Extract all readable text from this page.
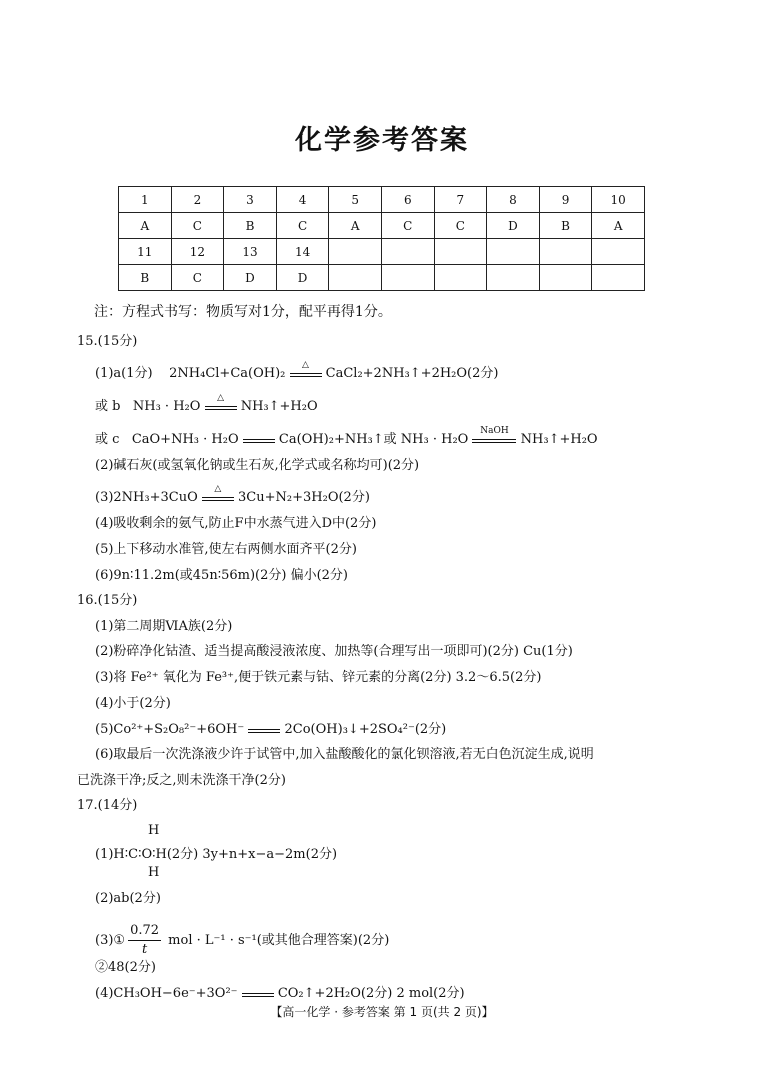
化学参考答案
1	2	3	4	5	6	7	8	9	10
A	C	B	C	A	C	C	D	B	A
11	12	13	14						
B	C	D	D						
注：方程式书写：物质写对1分，配平再得1分。
15.(15分)
(1)a(1分) 2NH₄Cl+Ca(OH)₂
△
CaCl₂+2NH₃ ↑ +2H₂O(2分)
或 b NH₃ · H₂O
△
NH₃ ↑ +H₂O
或 c CaO+NH₃ · H₂O	Ca(OH)₂+NH₃ ↑ 或 NH₃ · H₂O
NaOH
NH₃ ↑ +H₂O
(2)碱石灰(或氢氧化钠或生石灰,化学式或名称均可)(2分)
(3)2NH₃+3CuO
△
3Cu+N₂+3H₂O(2分)
(4)吸收剩余的氨气,防止F中水蒸气进入D中(2分)
(5)上下移动水准管,使左右两侧水面齐平(2分)
(6)9n∶11.2m(或45n∶56m)(2分) 偏小(2分)
16.(15分)
(1)第二周期ⅥA族(2分)
(2)粉碎净化钴渣、适当提高酸浸液浓度、加热等(合理写出一项即可)(2分) Cu(1分)
(3)将 Fe²⁺ 氧化为 Fe³⁺,便于铁元素与钴、锌元素的分离(2分) 3.2～6.5(2分)
(4)小于(2分)
(5)Co²⁺+S₂O₈²⁻+6OH⁻	2Co(OH)₃ ↓ +2SO₄²⁻(2分)
(6)取最后一次洗涤液少许于试管中,加入盐酸酸化的氯化钡溶液,若无白色沉淀生成,说明
已洗涤干净;反之,则未洗涤干净(2分)
17.(14分)
H
(1)H∶C∶O∶H(2分) 3y+n+x−a−2m(2分)
H
(2)ab(2分)
(3)① $\frac{0.72}{t}$ mol · L⁻¹ · s⁻¹(或其他合理答案)(2分)
②48(2分)
(4)CH₃OH−6e⁻+3O²⁻	CO₂ ↑ +2H₂O(2分) 2 mol(2分)
【高一化学 · 参考答案 第 1 页(共 2 页)】
